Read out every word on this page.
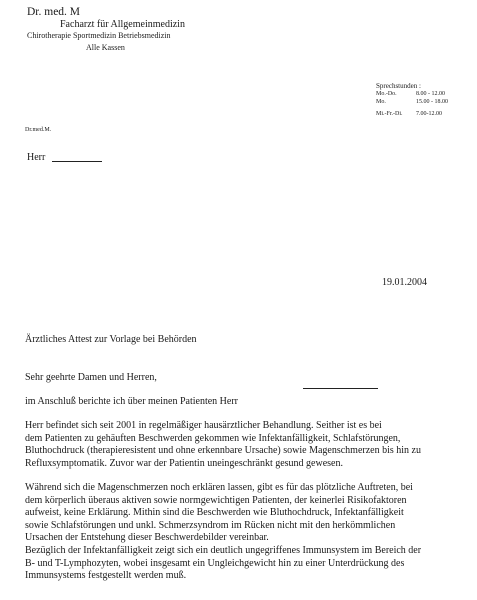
Dr. med. M
Facharzt für Allgemeinmedizin
Chirotherapie Sportmedizin Betriebsmedizin
Alle Kassen
Sprechstunden :
Mo.-Do.	8.00 - 12.00
Mo.	15.00 - 18.00
Mi.-Fr.-Di. 7.00-12.00
Dr.med.M.
Herr
19.01.2004
Ärztliches Attest zur Vorlage bei Behörden
Sehr geehrte Damen und Herren,
im Anschluß berichte ich über meinen Patienten Herr
Herr befindet sich seit 2001 in regelmäßiger hausärztlicher Behandlung. Seither ist es bei
dem Patienten zu gehäuften Beschwerden gekommen wie Infektanfälligkeit, Schlafstörungen,
Bluthochdruck (therapieresistent und ohne erkennbare Ursache) sowie Magenschmerzen bis hin zu
Refluxsymptomatik. Zuvor war der Patientin uneingeschränkt gesund gewesen.
Während sich die Magenschmerzen noch erklären lassen, gibt es für das plötzliche Auftreten, bei
dem körperlich überaus aktiven sowie normgewichtigen Patienten, der keinerlei Risikofaktoren
aufweist, keine Erklärung. Mithin sind die Beschwerden wie Bluthochdruck, Infektanfälligkeit
sowie Schlafstörungen und unkl. Schmerzsyndrom im Rücken nicht mit den herkömmlichen
Ursachen der Entstehung dieser Beschwerdebilder vereinbar.
Bezüglich der Infektanfälligkeit zeigt sich ein deutlich ungegriffenes Immunsystem im Bereich der
B- und T-Lymphozyten, wobei insgesamt ein Ungleichgewicht hin zu einer Unterdrückung des
Immunsystems festgestellt werden muß.
